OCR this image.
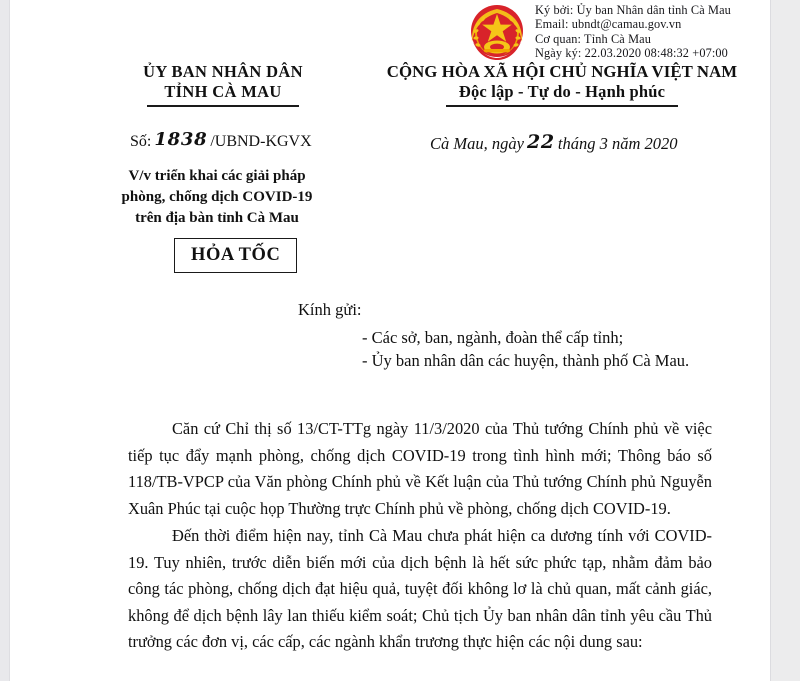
Ký bởi: Ủy ban Nhân dân tỉnh Cà Mau
Email: ubndt@camau.gov.vn
Cơ quan: Tỉnh Cà Mau
Ngày ký: 22.03.2020 08:48:32 +07:00
ỦY BAN NHÂN DÂN
TỈNH CÀ MAU
CỘNG HÒA XÃ HỘI CHỦ NGHĨA VIỆT NAM
Độc lập - Tự do - Hạnh phúc
Số: 1838 /UBND-KGVX	Cà Mau, ngày 22 tháng 3 năm 2020
V/v triển khai các giải pháp
phòng, chống dịch COVID-19
trên địa bàn tỉnh Cà Mau
HỎA TỐC
Kính gửi:
- Các sở, ban, ngành, đoàn thể cấp tỉnh;
- Ủy ban nhân dân các huyện, thành phố Cà Mau.

Căn cứ Chỉ thị số 13/CT-TTg ngày 11/3/2020 của Thủ tướng Chính phủ về việc tiếp tục đẩy mạnh phòng, chống dịch COVID-19 trong tình hình mới; Thông báo số 118/TB-VPCP của Văn phòng Chính phủ về Kết luận của Thủ tướng Chính phủ Nguyễn Xuân Phúc tại cuộc họp Thường trực Chính phủ về phòng, chống dịch COVID-19.

Đến thời điểm hiện nay, tỉnh Cà Mau chưa phát hiện ca dương tính với COVID-19. Tuy nhiên, trước diễn biến mới của dịch bệnh là hết sức phức tạp, nhằm đảm bảo công tác phòng, chống dịch đạt hiệu quả, tuyệt đối không lơ là chủ quan, mất cảnh giác, không để dịch bệnh lây lan thiếu kiểm soát; Chủ tịch Ủy ban nhân dân tỉnh yêu cầu Thủ trưởng các đơn vị, các cấp, các ngành khẩn trương thực hiện các nội dung sau:
